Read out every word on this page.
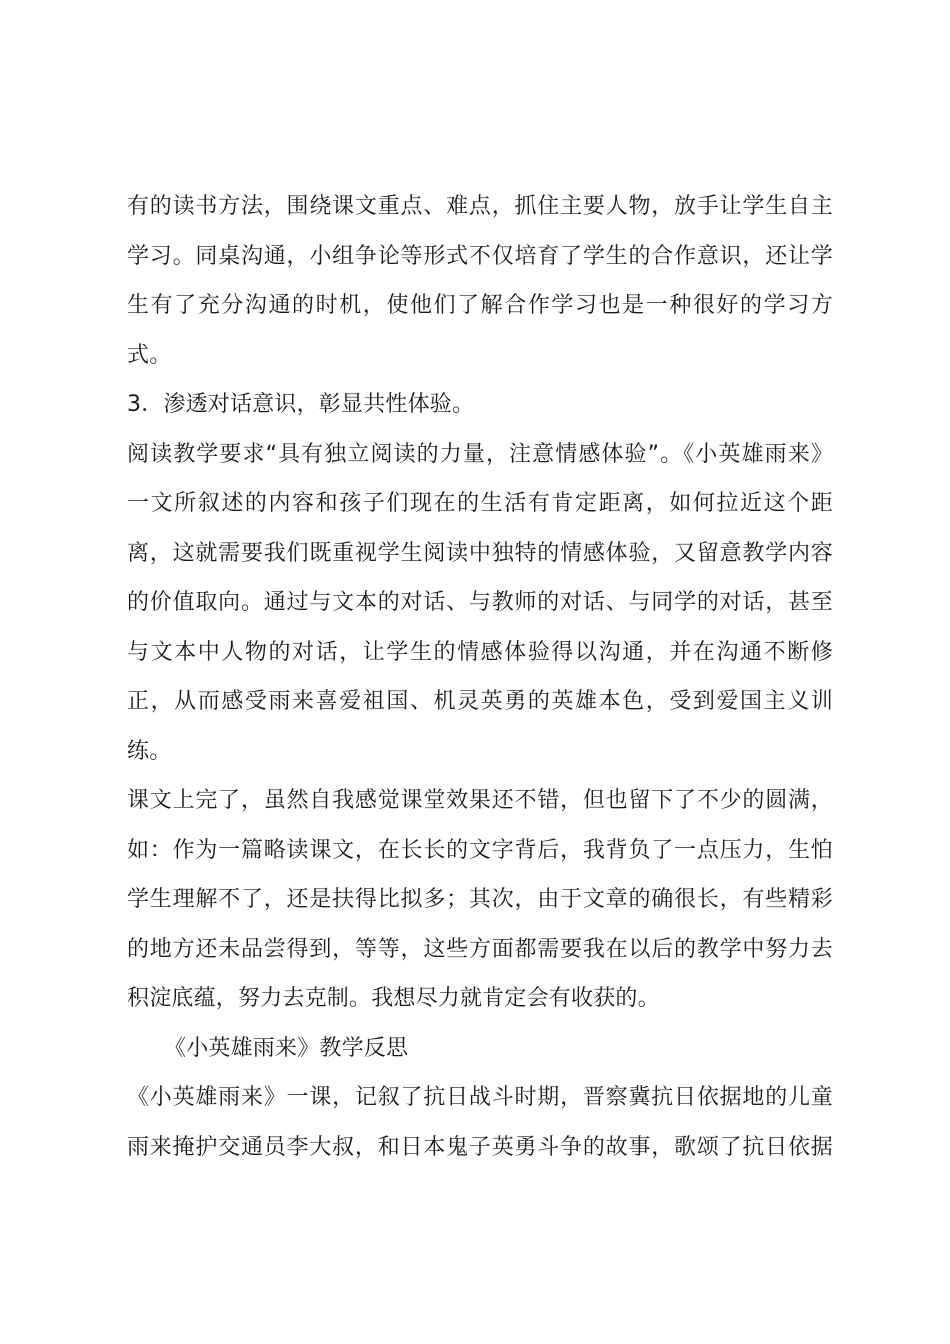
有的读书方法，围绕课文重点、难点，抓住主要人物，放手让学生自主
学习。同桌沟通，小组争论等形式不仅培育了学生的合作意识，还让学
生有了充分沟通的时机，使他们了解合作学习也是一种很好的学习方
式。
3．渗透对话意识，彰显共性体验。
阅读教学要求“具有独立阅读的力量，注意情感体验”。《小英雄雨来》
一文所叙述的内容和孩子们现在的生活有肯定距离，如何拉近这个距
离，这就需要我们既重视学生阅读中独特的情感体验，又留意教学内容
的价值取向。通过与文本的对话、与教师的对话、与同学的对话，甚至
与文本中人物的对话，让学生的情感体验得以沟通，并在沟通不断修
正，从而感受雨来喜爱祖国、机灵英勇的英雄本色，受到爱国主义训
练。
课文上完了，虽然自我感觉课堂效果还不错，但也留下了不少的圆满，
如：作为一篇略读课文，在长长的文字背后，我背负了一点压力，生怕
学生理解不了，还是扶得比拟多；其次，由于文章的确很长，有些精彩
的地方还未品尝得到，等等，这些方面都需要我在以后的教学中努力去
积淀底蕴，努力去克制。我想尽力就肯定会有收获的。
《小英雄雨来》教学反思
《小英雄雨来》一课，记叙了抗日战斗时期，晋察冀抗日依据地的儿童
雨来掩护交通员李大叔，和日本鬼子英勇斗争的故事，歌颂了抗日依据
